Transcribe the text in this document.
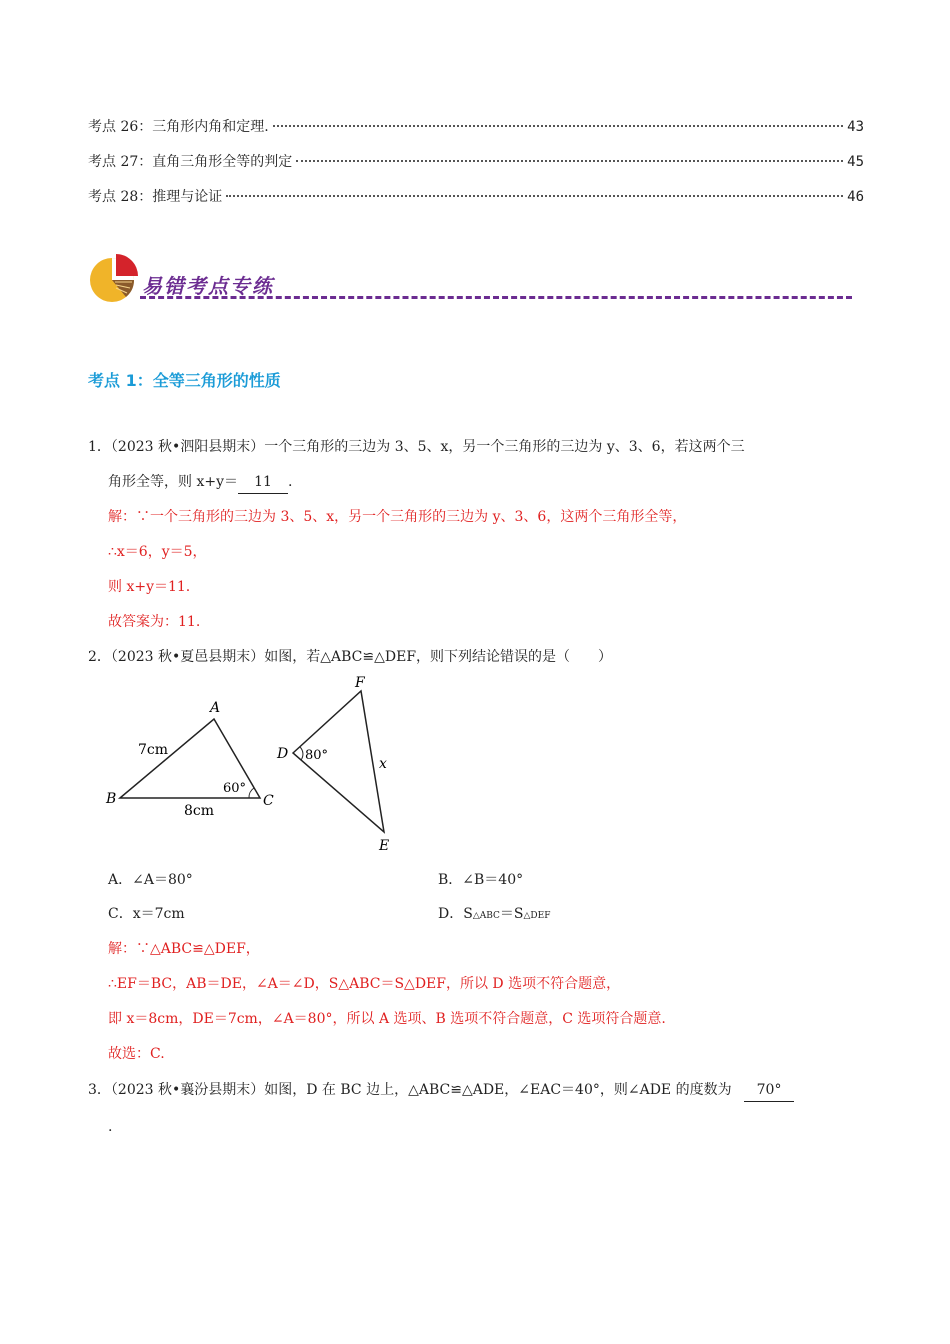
考点 26：三角形内角和定理.	43
考点 27：直角三角形全等的判定	45
考点 28：推理与论证	46
易错考点专练
考点 1：全等三角形的性质
1．（2023 秋•泗阳县期末）一个三角形的三边为 3、5、x，另一个三角形的三边为 y、3、6，若这两个三
角形全等，则 x+y＝ 11 .
解：∵一个三角形的三边为 3、5、x，另一个三角形的三边为 y、3、6，这两个三角形全等，
∴x＝6，y＝5，
则 x+y＝11.
故答案为：11.
2．（2023 秋•夏邑县期末）如图，若△ABC≌△DEF，则下列结论错误的是（　　）
A
B	C
7cm
8cm
60°
F
D
E
80°
x
A．∠A＝80°	B．∠B＝40°
C．x＝7cm	D．S△ABC＝S△DEF
解：∵△ABC≌△DEF，
∴EF＝BC，AB＝DE，∠A＝∠D，S△ABC＝S△DEF，所以 D 选项不符合题意，
即 x＝8cm，DE＝7cm，∠A＝80°，所以 A 选项、B 选项不符合题意，C 选项符合题意.
故选：C.
3．（2023 秋•襄汾县期末）如图，D 在 BC 边上，△ABC≌△ADE，∠EAC＝40°，则∠ADE 的度数为 70°
.
